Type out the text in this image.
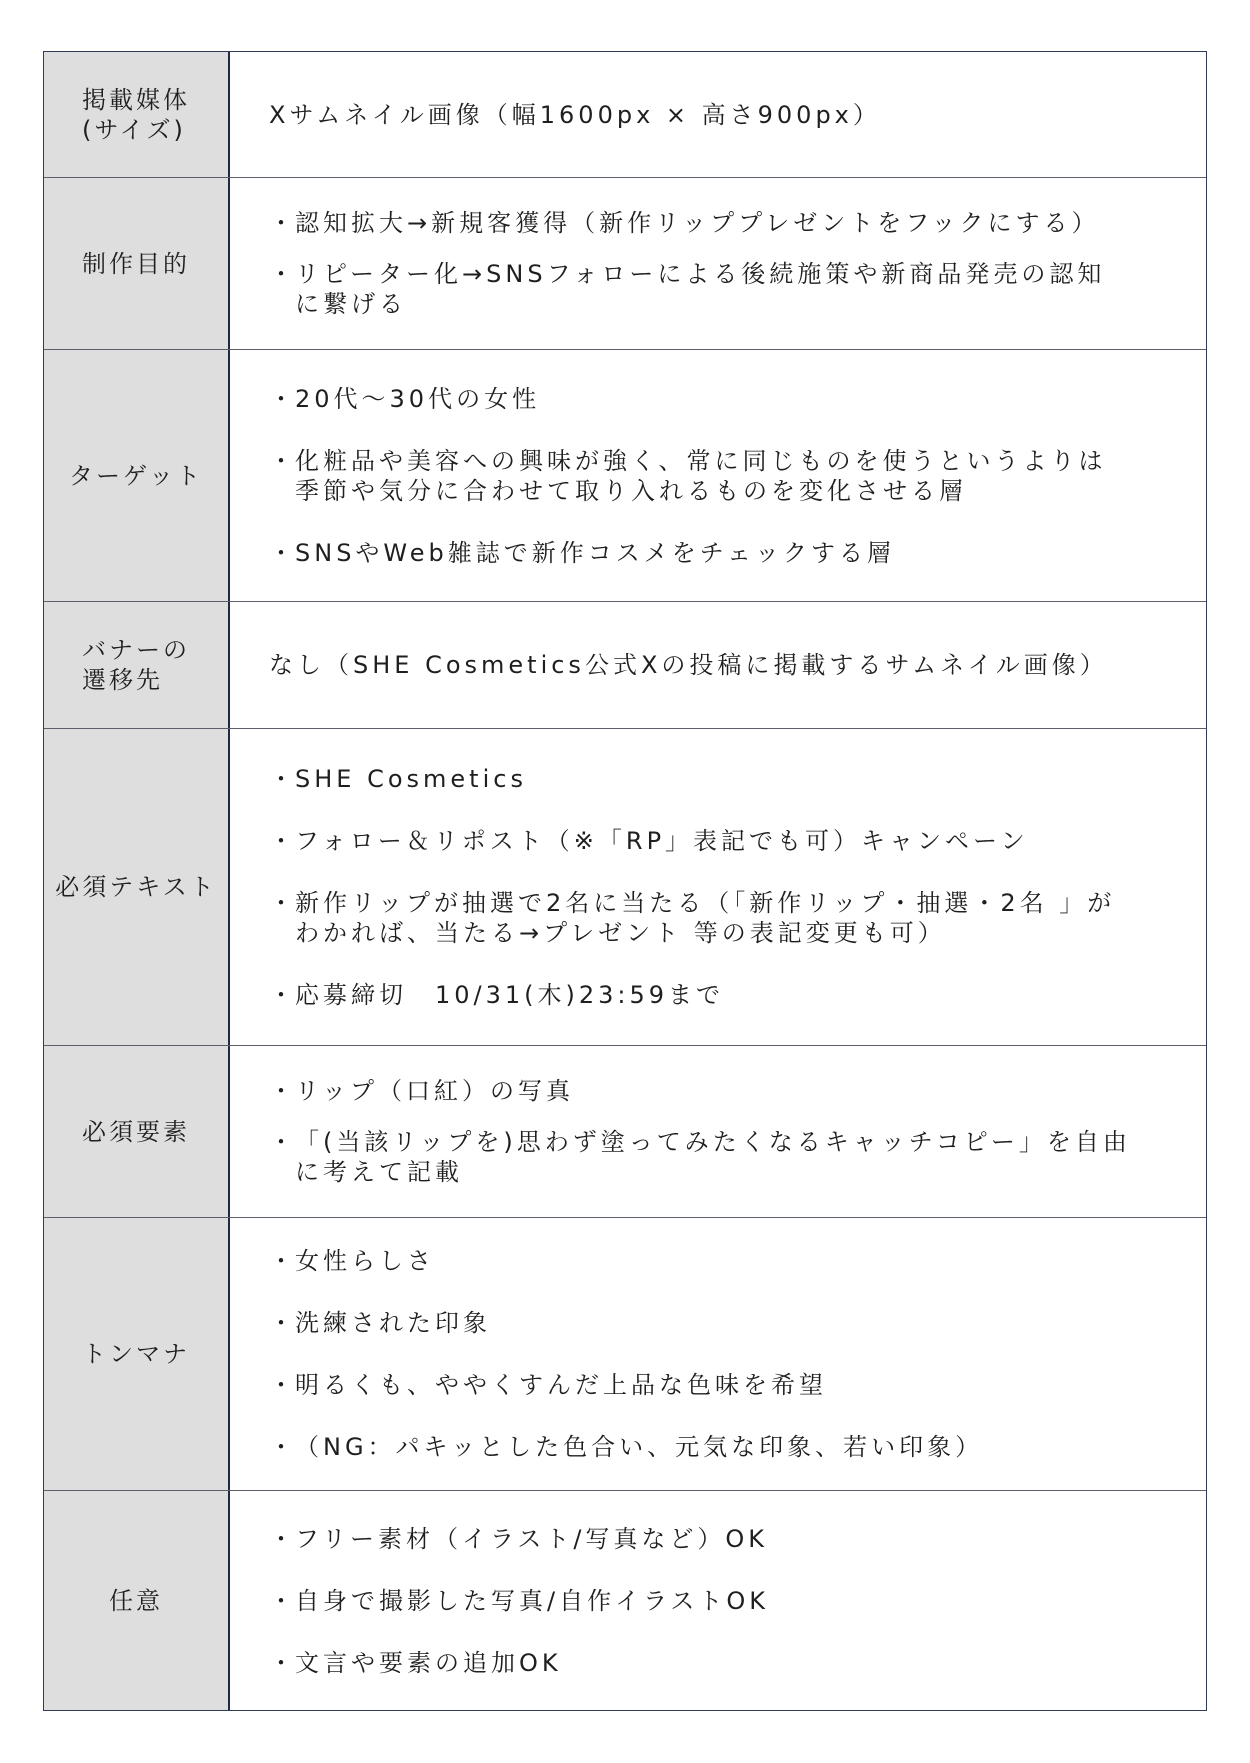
掲載媒体
(サイズ)
Xサムネイル画像（幅1600px × 高さ900px）
制作目的
・ 認知拡大→新規客獲得（新作リッププレゼントをフックにする）
・ リピーター化→SNSフォローによる後続施策や新商品発売の認知
に繋げる
ターゲット
・ 20代〜30代の女性
・ 化粧品や美容への興味が強く、常に同じものを使うというよりは
季節や気分に合わせて取り入れるものを変化させる層
・ SNSやWeb雑誌で新作コスメをチェックする層
バナーの
遷移先
なし（SHE Cosmetics公式Xの投稿に掲載するサムネイル画像）
必須テキスト
・ SHE Cosmetics
・ フォロー＆リポスト（※「RP」表記でも可）キャンペーン
・ 新作リップが抽選で2名に当たる（「新作リップ・抽選・2名 」が
わかれば、当たる→プレゼント 等の表記変更も可）
・ 応募締切　10/31(木)23:59まで
必須要素
・ リップ（口紅）の写真
・ 「(当該リップを)思わず塗ってみたくなるキャッチコピー」を自由
に考えて記載
トンマナ
・ 女性らしさ
・ 洗練された印象
・ 明るくも、ややくすんだ上品な色味を希望
・ （NG：パキッとした色合い、元気な印象、若い印象）
任意
・ フリー素材（イラスト/写真など）OK
・ 自身で撮影した写真/自作イラストOK
・ 文言や要素の追加OK
